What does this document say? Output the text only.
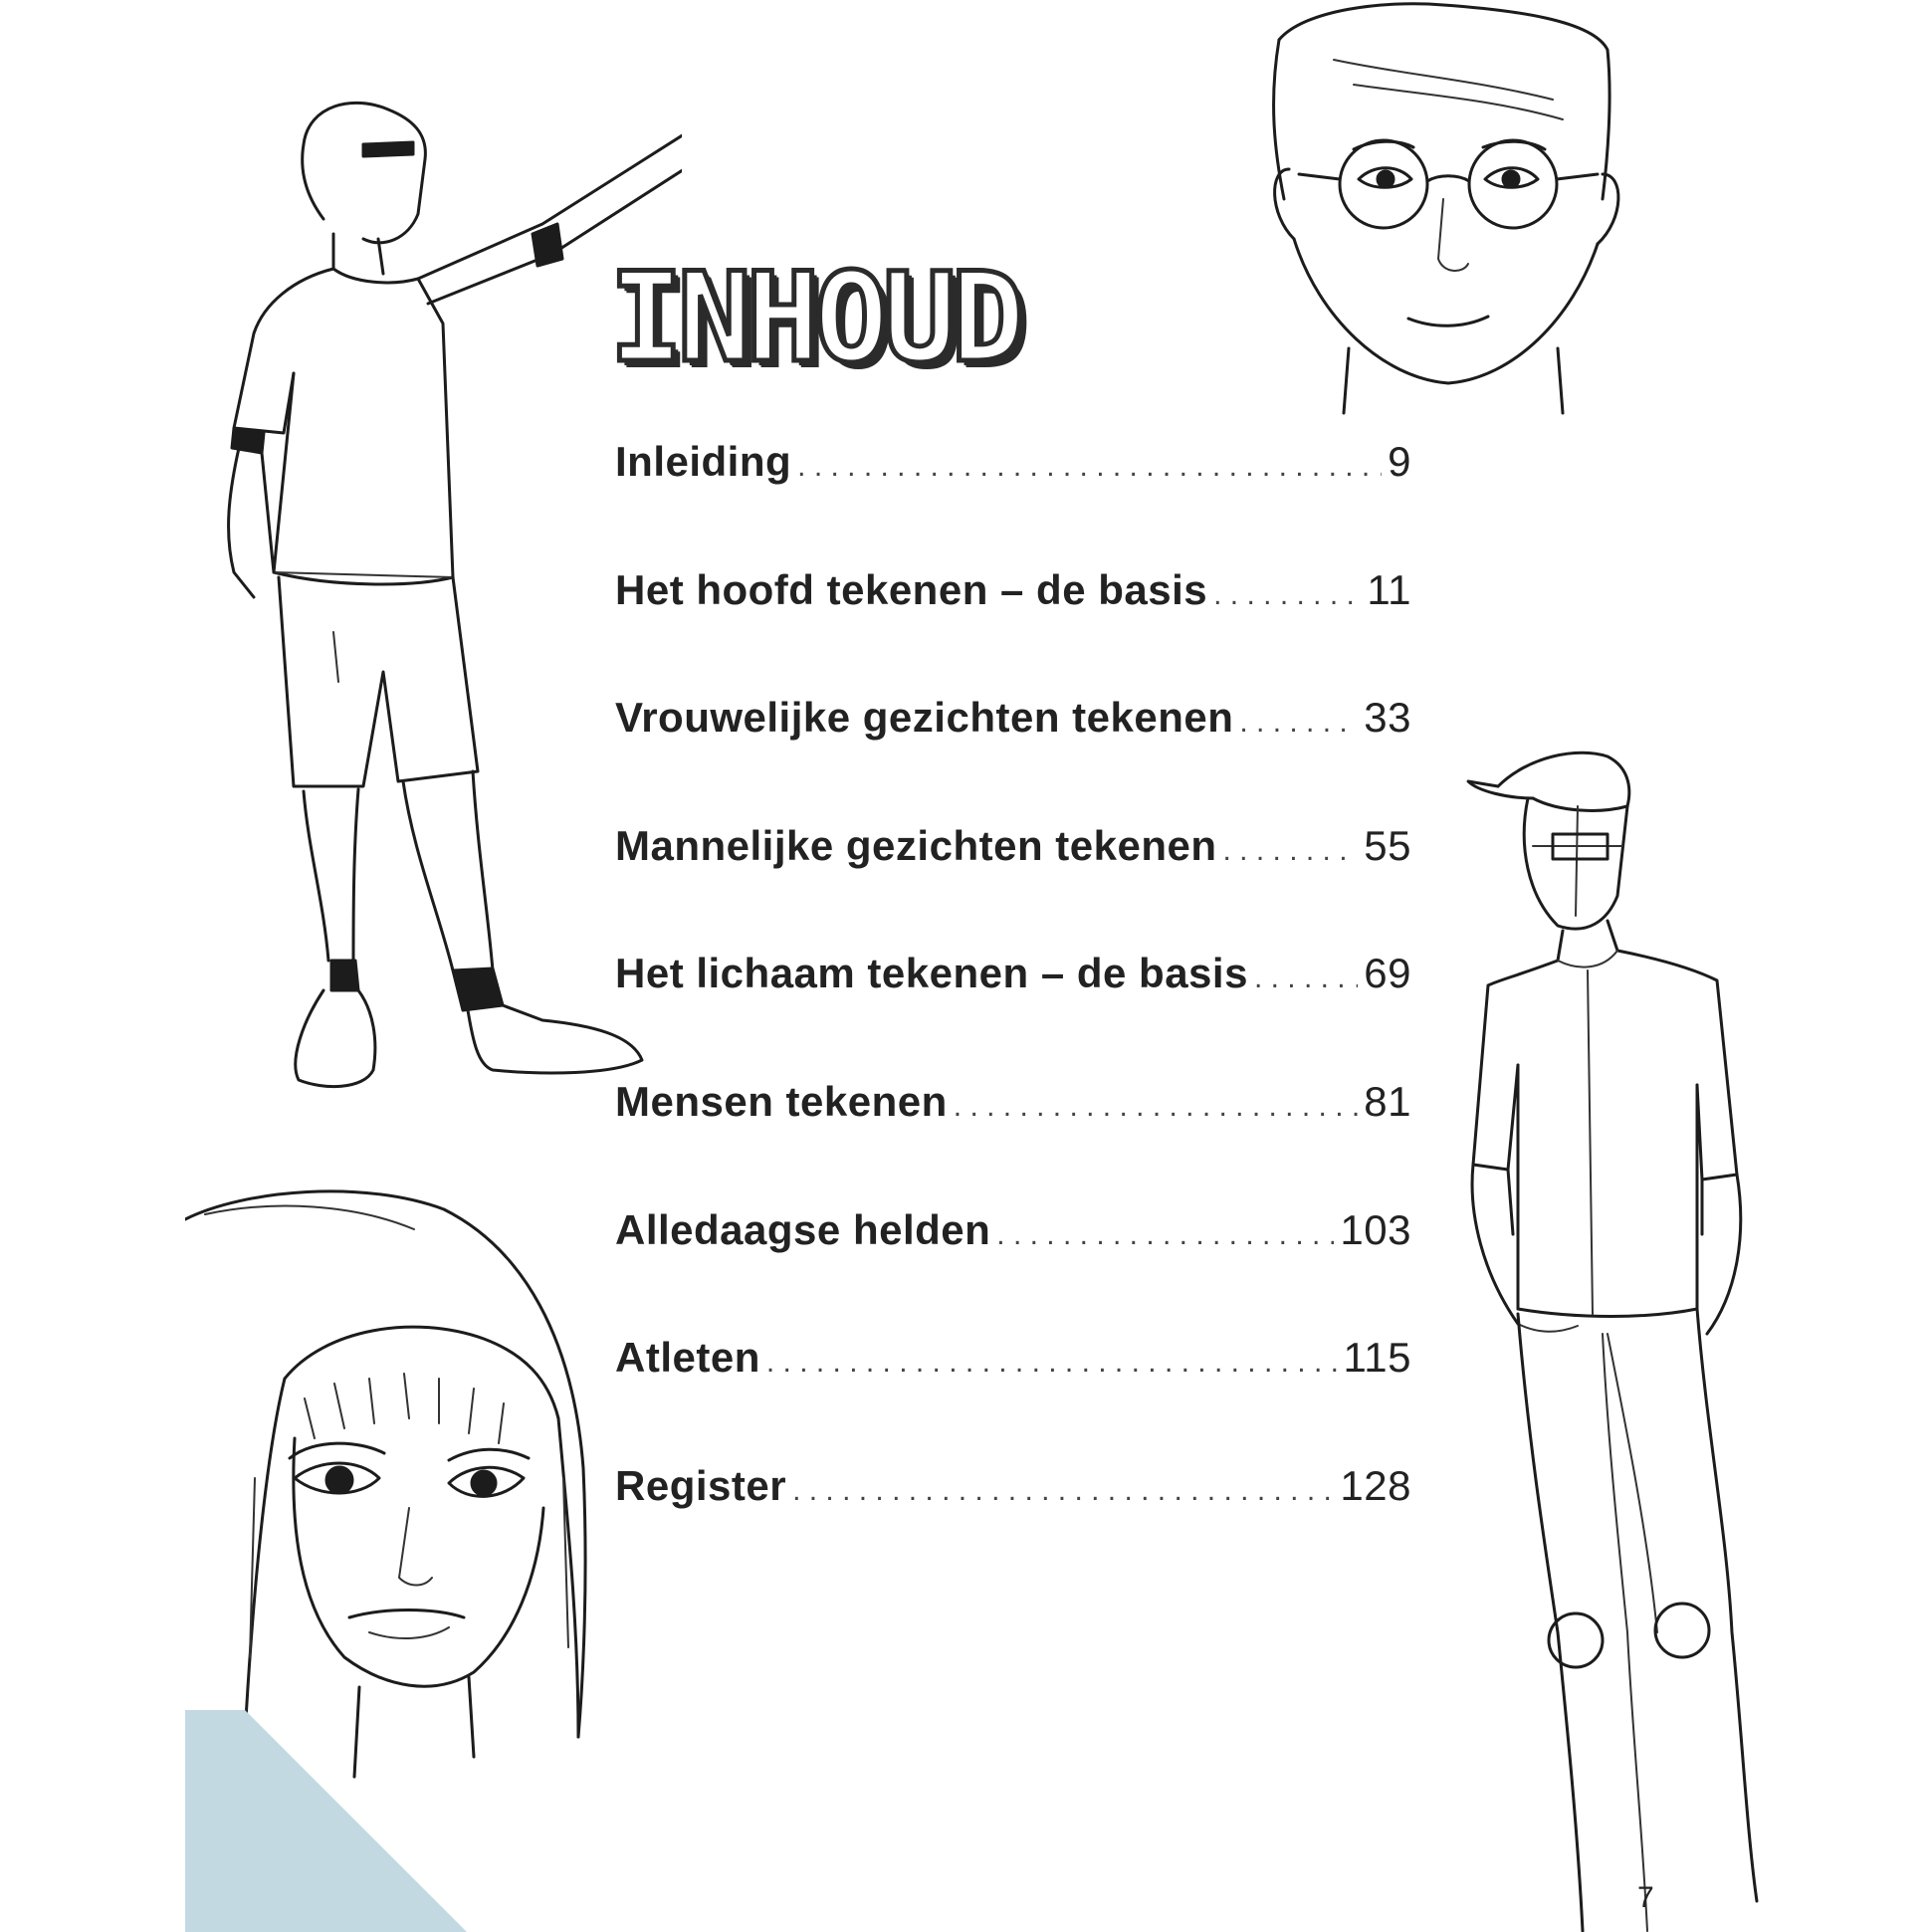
INHOUD
Inleiding . . .	9
Het hoofd tekenen – de basis . . .	11
Vrouwelijke gezichten tekenen . . .	33
Mannelijke gezichten tekenen . . .	55
Het lichaam tekenen – de basis . . .	69
Mensen tekenen . . .	81
Alledaagse helden . . .	103
Atleten . . .	115
Register . . .	128
7
